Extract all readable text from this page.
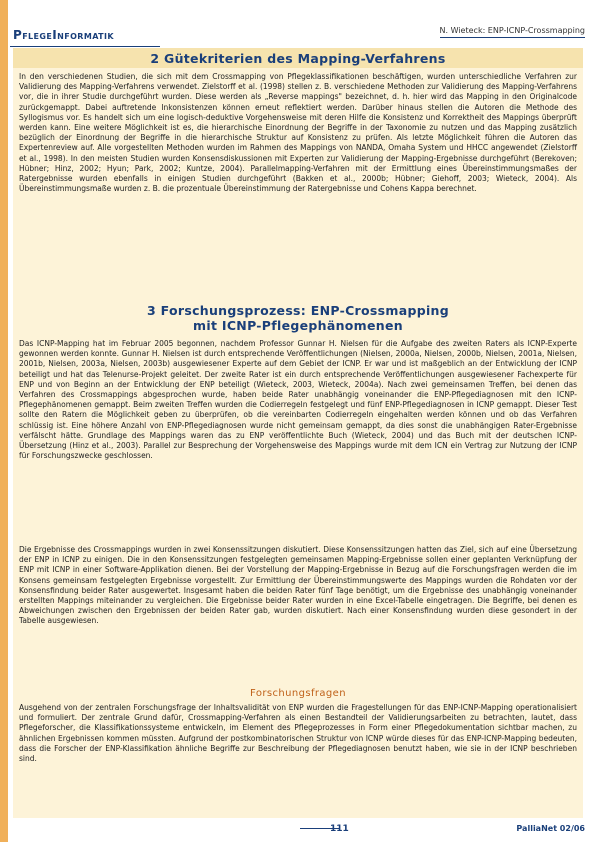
PflegeInformatik	N. Wieteck: ENP-ICNP-Crossmapping
2 Gütekriterien des Mapping-Verfahrens

In den verschiedenen Studien, die sich mit dem Crossmapping von Pflegeklassifikationen beschäftigen, wurden unterschiedliche Verfahren zur Validierung des Mapping-Verfahrens verwendet. Zielstorff et al. (1998) stellen z. B. verschiedene Methoden zur Validierung des Mapping-Verfahrens vor, die in ihrer Studie durchgeführt wurden. Diese werden als „Reverse mappings" bezeichnet, d. h. hier wird das Mapping in den Originalcode zurückgemappt. Dabei auftretende Inkonsistenzen können erneut reflektiert werden. Darüber hinaus stellen die Autoren die Methode des Syllogismus vor. Es handelt sich um eine logisch-deduktive Vorgehensweise mit deren Hilfe die Konsistenz und Korrektheit des Mappings überprüft werden kann. Eine weitere Möglichkeit ist es, die hierarchische Einordnung der Begriffe in der Taxonomie zu nutzen und das Mapping zusätzlich bezüglich der Einordnung der Begriffe in die hierarchische Struktur auf Konsistenz zu prüfen. Als letzte Möglichkeit führen die Autoren das Expertenreview auf. Alle vorgestellten Methoden wurden im Rahmen des Mappings von NANDA, Omaha System und HHCC angewendet (Zielstorff et al., 1998). In den meisten Studien wurden Konsensdiskussionen mit Experten zur Validierung der Mapping-Ergebnisse durchgeführt (Berekoven; Hübner; Hinz, 2002; Hyun; Park, 2002; Kuntze, 2004). Parallelmapping-Verfahren mit der Ermittlung eines Übereinstimmungsmaßes der Ratergebnisse wurden ebenfalls in einigen Studien durchgeführt (Bakken et al., 2000b; Hübner; Giehoff, 2003; Wieteck, 2004). Als Übereinstimmungsmaße wurden z. B. die prozentuale Übereinstimmung der Ratergebnisse und Cohens Kappa berechnet.

3 Forschungsprozess: ENP-Crossmapping
mit ICNP-Pflegephänomenen

Das ICNP-Mapping hat im Februar 2005 begonnen, nachdem Professor Gunnar H. Nielsen für die Aufgabe des zweiten Raters als ICNP-Experte gewonnen werden konnte. Gunnar H. Nielsen ist durch entsprechende Veröffentlichungen (Nielsen, 2000a, Nielsen, 2000b, Nielsen, 2001a, Nielsen, 2001b, Nielsen, 2003a, Nielsen, 2003b) ausgewiesener Experte auf dem Gebiet der ICNP. Er war und ist maßgeblich an der Entwicklung der ICNP beteiligt und hat das Telenurse-Projekt geleitet. Der zweite Rater ist ein durch entsprechende Veröffentlichungen ausgewiesener Fachexperte für ENP und von Beginn an der Entwicklung der ENP beteiligt (Wieteck, 2003, Wieteck, 2004a). Nach zwei gemeinsamen Treffen, bei denen das Verfahren des Crossmappings abgesprochen wurde, haben beide Rater unabhängig voneinander die ENP-Pflegediagnosen mit den ICNP-Pflegephänomenen gemappt. Beim zweiten Treffen wurden die Codierregeln festgelegt und fünf ENP-Pflegediagnosen in ICNP gemappt. Dieser Test sollte den Ratern die Möglichkeit geben zu überprüfen, ob die vereinbarten Codierregeln eingehalten werden können und ob das Verfahren schlüssig ist. Eine höhere Anzahl von ENP-Pflegediagnosen wurde nicht gemeinsam gemappt, da dies sonst die unabhängigen Rater-Ergebnisse verfälscht hätte. Grundlage des Mappings waren das zu ENP veröffentlichte Buch (Wieteck, 2004) und das Buch mit der deutschen ICNP-Übersetzung (Hinz et al., 2003). Parallel zur Besprechung der Vorgehensweise des Mappings wurde mit dem ICN ein Vertrag zur Nutzung der ICNP für Forschungszwecke geschlossen.

Die Ergebnisse des Crossmappings wurden in zwei Konsenssitzungen diskutiert. Diese Konsenssitzungen hatten das Ziel, sich auf eine Übersetzung der ENP in ICNP zu einigen. Die in den Konsenssitzungen festgelegten gemeinsamen Mapping-Ergebnisse sollen einer geplanten Verknüpfung der ENP mit ICNP in einer Software-Applikation dienen. Bei der Vorstellung der Mapping-Ergebnisse in Bezug auf die Forschungsfragen werden die im Konsens gemeinsam festgelegten Ergebnisse vorgestellt. Zur Ermittlung der Übereinstimmungswerte des Mappings wurden die Rohdaten vor der Konsensfindung beider Rater ausgewertet. Insgesamt haben die beiden Rater fünf Tage benötigt, um die Ergebnisse des unabhängig voneinander erstellten Mappings miteinander zu vergleichen. Die Ergebnisse beider Rater wurden in eine Excel-Tabelle eingetragen. Die Begriffe, bei denen es Abweichungen zwischen den Ergebnissen der beiden Rater gab, wurden diskutiert. Nach einer Konsensfindung wurden diese gesondert in der Tabelle ausgewiesen.

Forschungsfragen

Ausgehend von der zentralen Forschungsfrage der Inhaltsvalidität von ENP wurden die Fragestellungen für das ENP-ICNP-Mapping operationalisiert und formuliert. Der zentrale Grund dafür, Crossmapping-Verfahren als einen Bestandteil der Validierungsarbeiten zu betrachten, lautet, dass Pflegeforscher, die Klassifikationssysteme entwickeln, im Element des Pflegeprozesses in Form einer Pflegedokumentation sichtbar machen, zu ähnlichen Ergebnissen kommen müssten. Aufgrund der postkombinatorischen Struktur von ICNP würde dieses für das ENP-ICNP-Mapping bedeuten, dass die Forscher der ENP-Klassifikation ähnliche Begriffe zur Beschreibung der Pflegediagnosen benutzt haben, wie sie in der ICNP beschrieben sind.

111	PalliaNet 02/06
